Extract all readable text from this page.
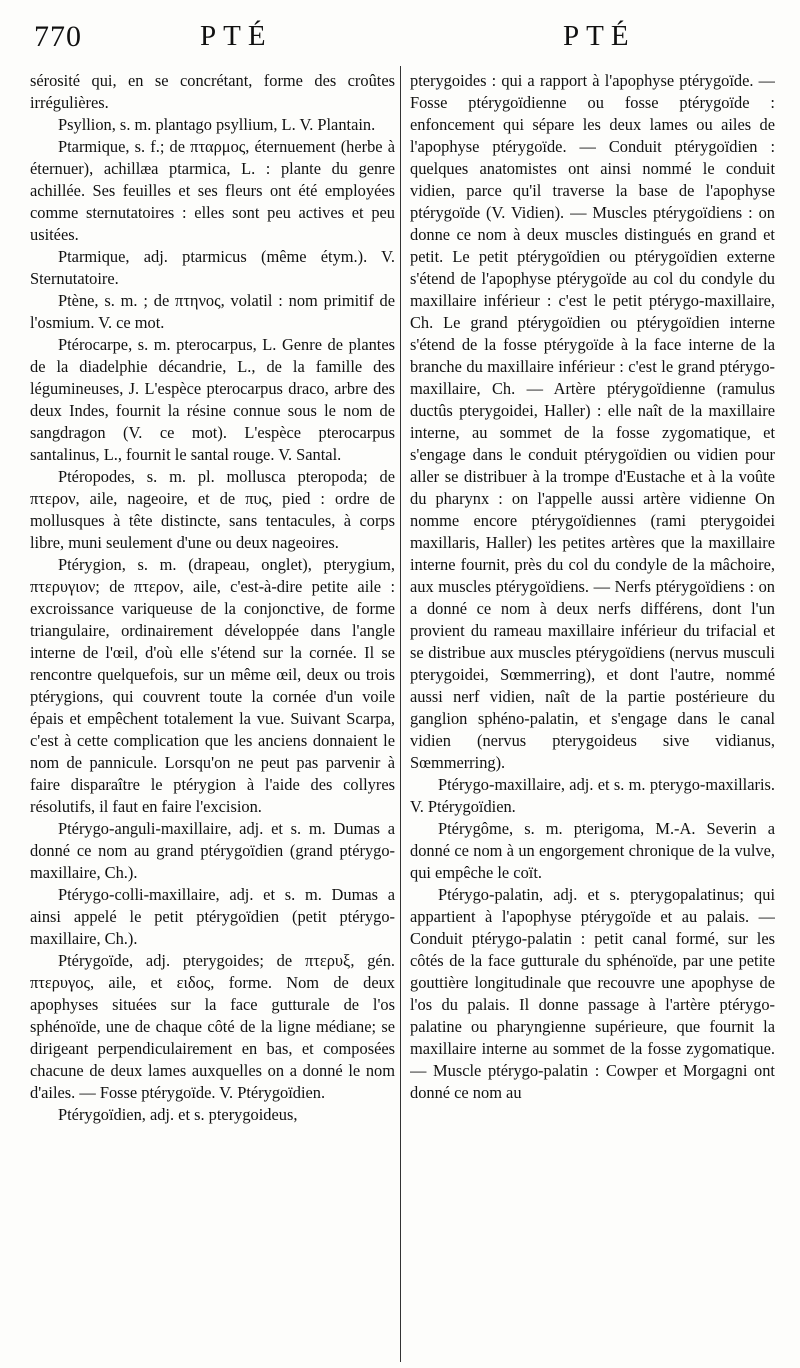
770	PTÉ	PTÉ

sérosité qui, en se concrétant, forme des croûtes irrégulières.

Psyllion, s. m. plantago psyllium, L. V. Plantain.

Ptarmique, s. f.; de πταρμος, éternuement (herbe à éternuer), achillæa ptarmica, L. : plante du genre achillée. Ses feuilles et ses fleurs ont été employées comme sternutatoires : elles sont peu actives et peu usitées.

Ptarmique, adj. ptarmicus (même étym.). V. Sternutatoire.

Ptène, s. m. ; de πτηνος, volatil : nom primitif de l'osmium. V. ce mot.

Ptérocarpe, s. m. pterocarpus, L. Genre de plantes de la diadelphie décandrie, L., de la famille des légumineuses, J. L'espèce pterocarpus draco, arbre des deux Indes, fournit la résine connue sous le nom de sangdragon (V. ce mot). L'espèce pterocarpus santalinus, L., fournit le santal rouge. V. Santal.

Ptéropodes, s. m. pl. mollusca pteropoda; de πτερον, aile, nageoire, et de πυς, pied : ordre de mollusques à tête distincte, sans tentacules, à corps libre, muni seulement d'une ou deux nageoires.

Ptérygion, s. m. (drapeau, onglet), pterygium, πτερυγιον; de πτερον, aile, c'est-à-dire petite aile : excroissance variqueuse de la conjonctive, de forme triangulaire, ordinairement développée dans l'angle interne de l'œil, d'où elle s'étend sur la cornée. Il se rencontre quelquefois, sur un même œil, deux ou trois ptérygions, qui couvrent toute la cornée d'un voile épais et empêchent totalement la vue. Suivant Scarpa, c'est à cette complication que les anciens donnaient le nom de panniculе. Lorsqu'on ne peut pas parvenir à faire disparaître le ptérygion à l'aide des collyres résolutifs, il faut en faire l'excision.

Ptérygo-anguli-maxillaire, adj. et s. m. Dumas a donné ce nom au grand ptérygoïdien (grand ptérygo-maxillaire, Ch.).

Ptérygo-colli-maxillaire, adj. et s. m. Dumas a ainsi appelé le petit ptérygoïdien (petit ptérygo-maxillaire, Ch.).

Ptérygoïde, adj. pterygoides; de πτερυξ, gén. πτερυγος, aile, et ειδος, forme. Nom de deux apophyses situées sur la face gutturale de l'os sphénoïde, une de chaque côté de la ligne médiane; se dirigeant perpendiculairement en bas, et composées chacune de deux lames auxquelles on a donné le nom d'ailes. — Fosse ptérygoïde. V. Ptérygoïdien.

Ptérygoïdien, adj. et s. pterygoideus,

pterygoides : qui a rapport à l'apophyse ptérygoïde. — Fosse ptérygoïdienne ou fosse ptérygoïde : enfoncement qui sépare les deux lames ou ailes de l'apophyse ptérygoïde. — Conduit ptérygoïdien : quelques anatomistes ont ainsi nommé le conduit vidien, parce qu'il traverse la base de l'apophyse ptérygoïde (V. Vidien). — Muscles ptérygoïdiens : on donne ce nom à deux muscles distingués en grand et petit. Le petit ptérygoïdien ou ptérygoïdien externe s'étend de l'apophyse ptérygoïde au col du condyle du maxillaire inférieur : c'est le petit ptérygo-maxillaire, Ch. Le grand ptérygoïdien ou ptérygoïdien interne s'étend de la fosse ptérygoïde à la face interne de la branche du maxillaire inférieur : c'est le grand ptérygo-maxillaire, Ch. — Artère ptérygoïdienne (ramulus ductûs pterygoidei, Haller) : elle naît de la maxillaire interne, au sommet de la fosse zygomatique, et s'engage dans le conduit ptérygoïdien ou vidien pour aller se distribuer à la trompe d'Eustache et à la voûte du pharynx : on l'appelle aussi artère vidienne On nomme encore ptérygoïdiennes (rami pterygoidei maxillaris, Haller) les petites artères que la maxillaire interne fournit, près du col du condyle de la mâchoire, aux muscles ptérygoïdiens. — Nerfs ptérygoïdiens : on a donné ce nom à deux nerfs différens, dont l'un provient du rameau maxillaire inférieur du trifacial et se distribue aux muscles ptérygoïdiens (nervus musculi pterygoidei, Sœmmerring), et dont l'autre, nommé aussi nerf vidien, naît de la partie postérieure du ganglion sphéno-palatin, et s'engage dans le canal vidien (nervus pterygoideus sive vidianus, Sœmmerring).

Ptérygo-maxillaire, adj. et s. m. pterygo-maxillaris. V. Ptérygoïdien.

Ptérygôme, s. m. pterigoma, M.-A. Severin a donné ce nom à un engorgement chronique de la vulve, qui empêche le coït.

Ptérygo-palatin, adj. et s. pterygopalatinus; qui appartient à l'apophyse ptérygoïde et au palais. — Conduit ptérygo-palatin : petit canal formé, sur les côtés de la face gutturale du sphénoïde, par une petite gouttière longitudinale que recouvre une apophyse de l'os du palais. Il donne passage à l'artère ptérygo-palatine ou pharyngienne supérieure, que fournit la maxillaire interne au sommet de la fosse zygomatique. — Muscle ptérygo-palatin : Cowper et Morgagni ont donné ce nom au
